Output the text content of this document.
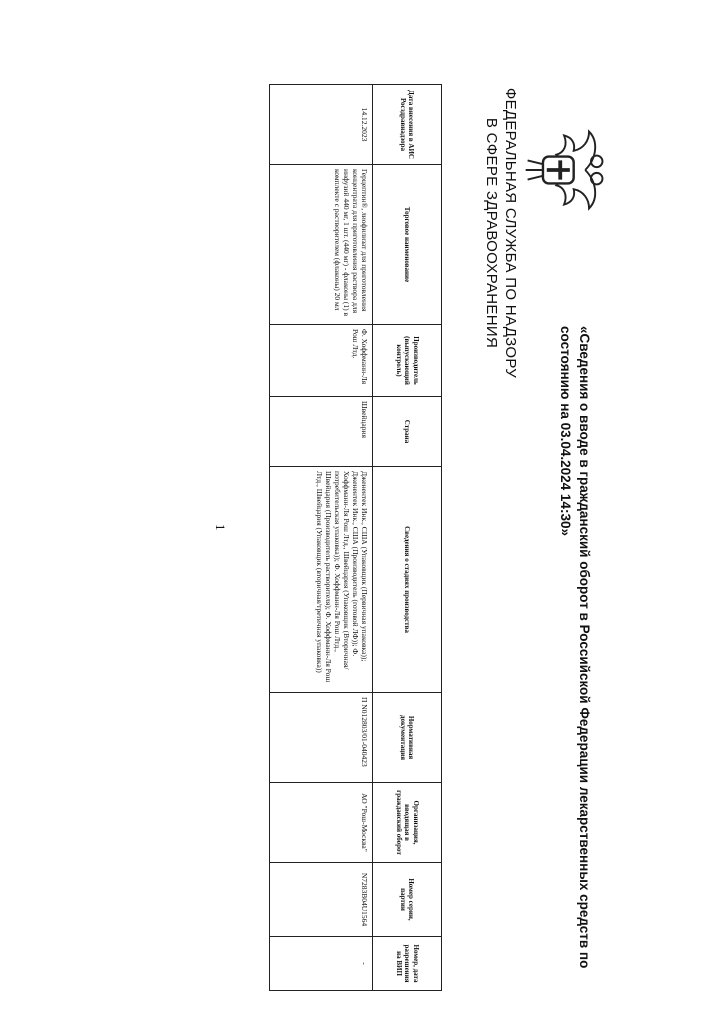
ФЕДЕРАЛЬНАЯ СЛУЖБА ПО НАДЗОРУ
В СФЕРЕ ЗДРАВООХРАНЕНИЯ
«Сведения о вводе в гражданский оборот в Российской Федерации лекарственных средств по состоянию на 03.04.2024 14:30»
Дата внесения в АИС Росздравнадзора	Торговое наименование	Производитель (выпускающий контроль)	Страна	Сведения о стадиях производства	Нормативная документация	Организация, вводящая в гражданский оборот	Номер серии, партии	Номер, дата разрешения на ВИП
14.12.2023	Герцептин®, лиофилизат для приготовления концентрата для приготовления раствора для инфузий 440 мг, 1 шт. (440 мг) - флаконы (1) в комплекте с растворителем (флаконы) 20 мл	Ф. Хоффманн-Ля Рош Лтд.	Швейцария	Дженентек Инк., США (Упаковщик (Первичная упаковка)); Дженентек Инк., США (Производитель (готовой ЛФ)); Ф. Хоффманн-Ля Рош Лтд., Швейцария (Упаковщик (Вторичная/потребительская упаковка)); Ф. Хоффманн-Ля Рош Лтд., Швейцария (Производитель растворителя); Ф. Хоффманн-Ля Рош Лтд., Швейцария (Упаковщик (вторичная/третичная упаковка))	П N012803/01-040423	АО "Рош-Москва"	N7283B04U1564	-
1
